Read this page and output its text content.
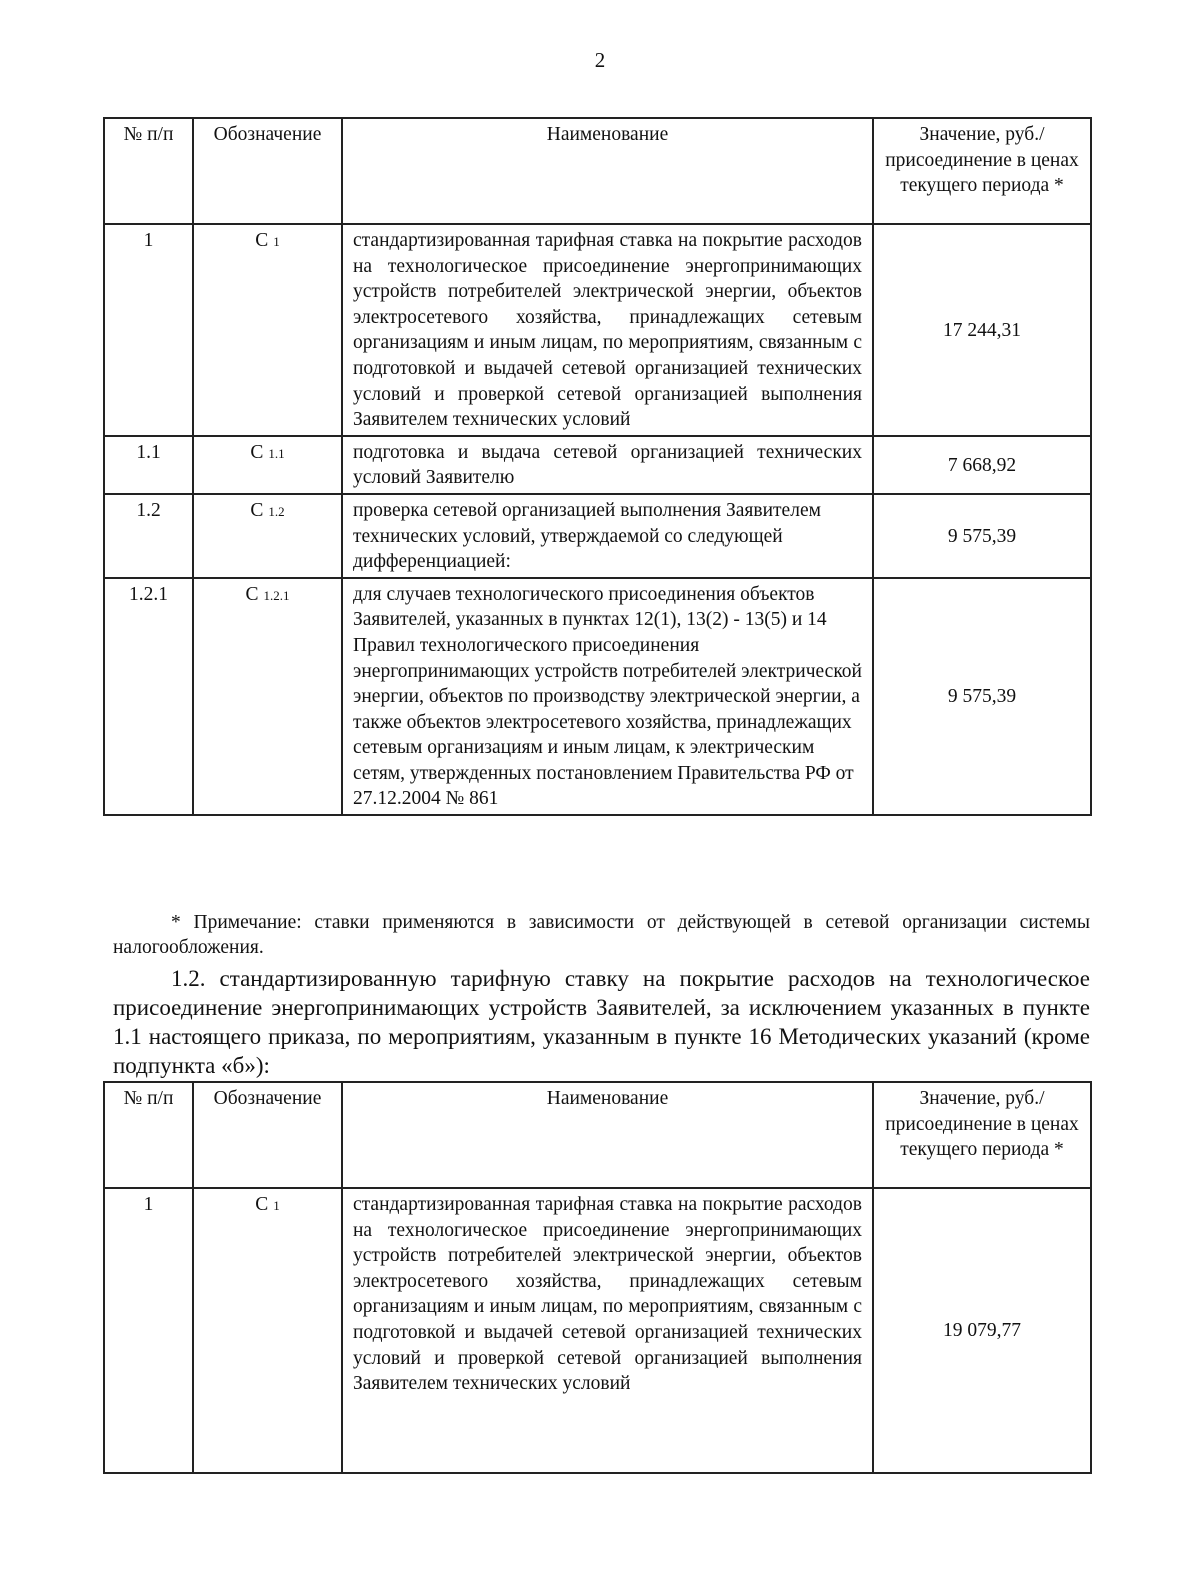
2
№ п/п	Обозначение	Наименование	Значение, руб./присоединение в ценах текущего периода *
1	С 1	стандартизированная тарифная ставка на покрытие расходов на технологическое присоединение энергопринимающих устройств потребителей электрической энергии, объектов электросетевого хозяйства, принадлежащих сетевым организациям и иным лицам, по мероприятиям, связанным с подготовкой и выдачей сетевой организацией технических условий и проверкой сетевой организацией выполнения Заявителем технических условий	17 244,31
1.1	С 1.1	подготовка и выдача сетевой организацией технических условий Заявителю	7 668,92
1.2	С 1.2	проверка сетевой организацией выполнения Заявителем технических условий, утверждаемой со следующей дифференциацией:	9 575,39
1.2.1	С 1.2.1	для случаев технологического присоединения объектов Заявителей, указанных в пунктах 12(1), 13(2) - 13(5) и 14 Правил технологического присоединения энергопринимающих устройств потребителей электрической энергии, объектов по производству электрической энергии, а также объектов электросетевого хозяйства, принадлежащих сетевым организациям и иным лицам, к электрическим сетям, утвержденных постановлением Правительства РФ от 27.12.2004 № 861	9 575,39
* Примечание: ставки применяются в зависимости от действующей в сетевой организации системы налогообложения.
1.2. стандартизированную тарифную ставку на покрытие расходов на технологическое присоединение энергопринимающих устройств Заявителей, за исключением указанных в пункте 1.1 настоящего приказа, по мероприятиям, указанным в пункте 16 Методических указаний (кроме подпункта «б»):
№ п/п	Обозначение	Наименование	Значение, руб./присоединение в ценах текущего периода *
1	С 1	стандартизированная тарифная ставка на покрытие расходов на технологическое присоединение энергопринимающих устройств потребителей электрической энергии, объектов электросетевого хозяйства, принадлежащих сетевым организациям и иным лицам, по мероприятиям, связанным с подготовкой и выдачей сетевой организацией технических условий и проверкой сетевой организацией выполнения Заявителем технических условий	19 079,77
